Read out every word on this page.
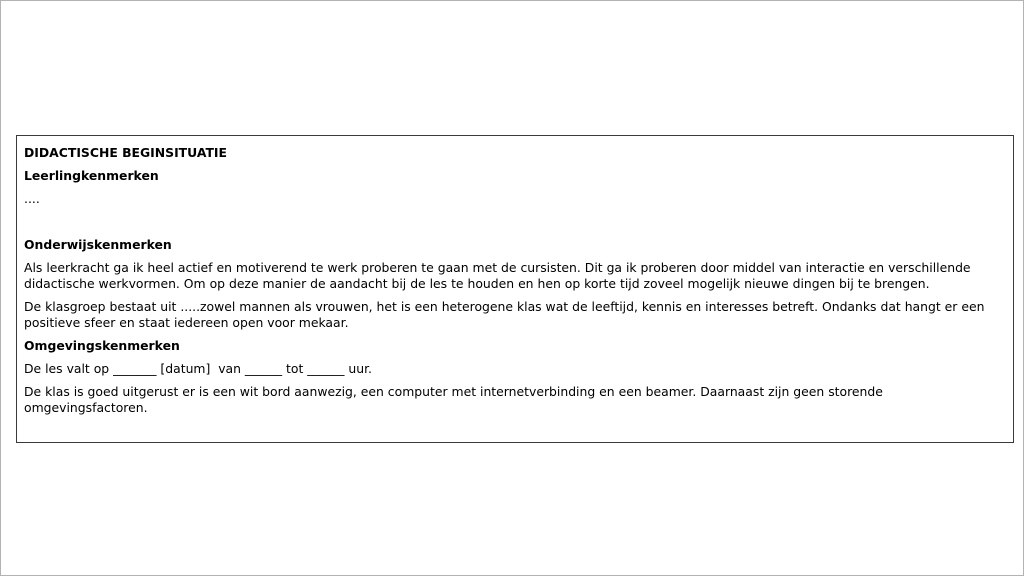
DIDACTISCHE BEGINSITUATIE
Leerlingkenmerken
....
Onderwijskenmerken
Als leerkracht ga ik heel actief en motiverend te werk proberen te gaan met de cursisten. Dit ga ik proberen door middel van interactie en verschillende didactische werkvormen. Om op deze manier de aandacht bij de les te houden en hen op korte tijd zoveel mogelijk nieuwe dingen bij te brengen.
De klasgroep bestaat uit .....zowel mannen als vrouwen, het is een heterogene klas wat de leeftijd, kennis en interesses betreft. Ondanks dat hangt er een positieve sfeer en staat iedereen open voor mekaar.
Omgevingskenmerken
De les valt op _______ [datum]  van ______ tot ______ uur.
De klas is goed uitgerust er is een wit bord aanwezig, een computer met internetverbinding en een beamer. Daarnaast zijn geen storende omgevingsfactoren.
